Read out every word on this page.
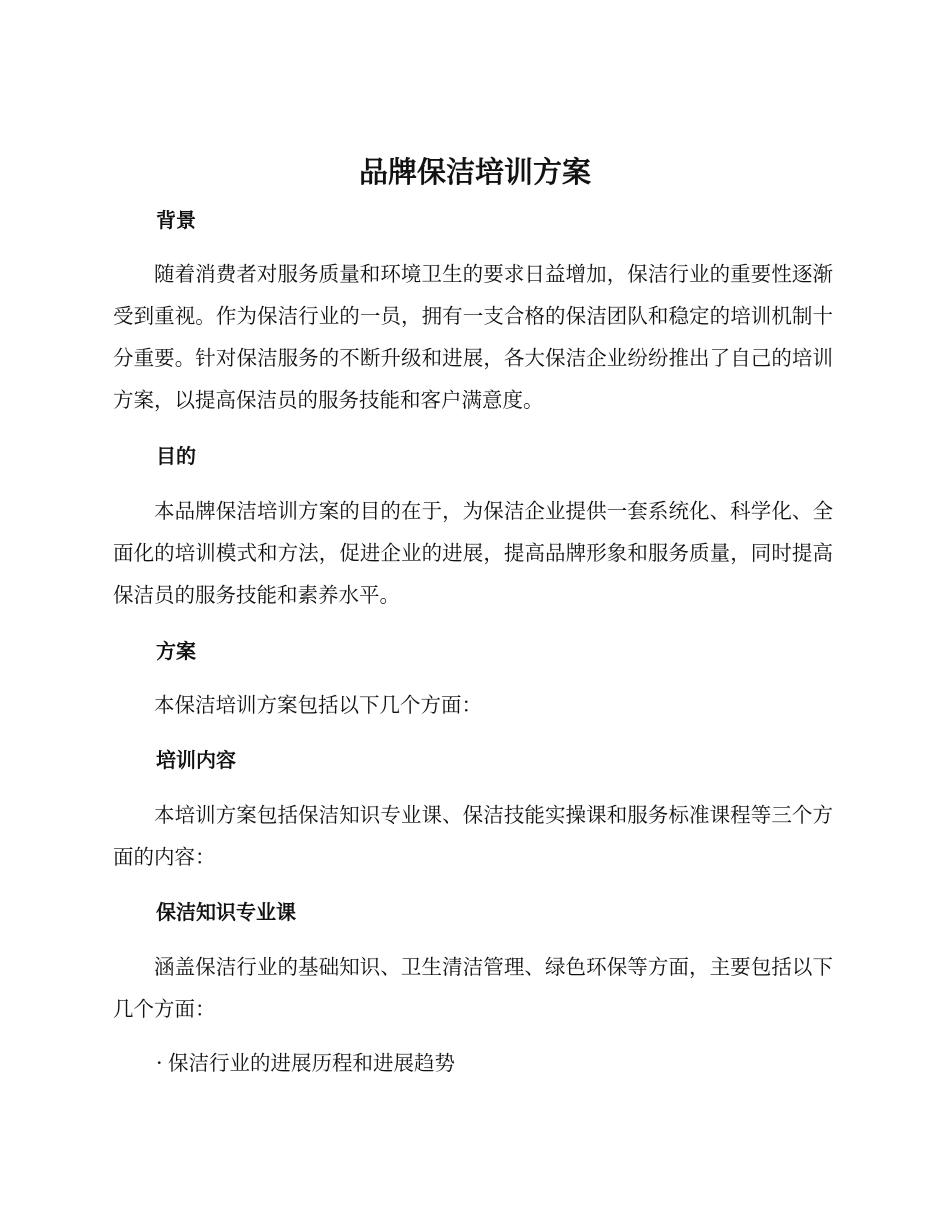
品牌保洁培训方案
背景

随着消费者对服务质量和环境卫生的要求日益增加，保洁行业的重要性逐渐受到重视。作为保洁行业的一员，拥有一支合格的保洁团队和稳定的培训机制十分重要。针对保洁服务的不断升级和进展，各大保洁企业纷纷推出了自己的培训方案，以提高保洁员的服务技能和客户满意度。

目的

本品牌保洁培训方案的目的在于，为保洁企业提供一套系统化、科学化、全面化的培训模式和方法，促进企业的进展，提高品牌形象和服务质量，同时提高保洁员的服务技能和素养水平。

方案

本保洁培训方案包括以下几个方面：

培训内容

本培训方案包括保洁知识专业课、保洁技能实操课和服务标准课程等三个方面的内容：

保洁知识专业课

涵盖保洁行业的基础知识、卫生清洁管理、绿色环保等方面，主要包括以下几个方面：

· 保洁行业的进展历程和进展趋势
